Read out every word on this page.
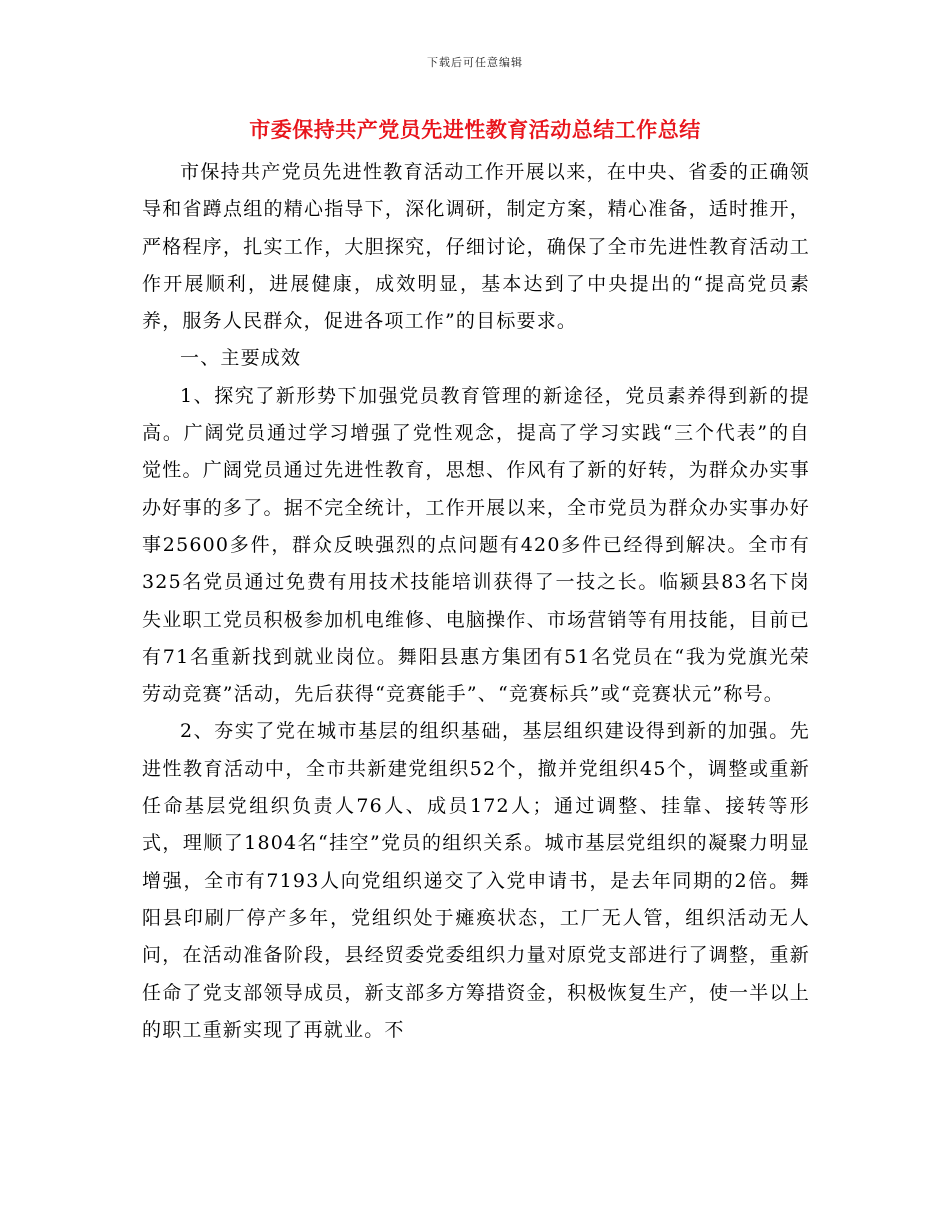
下载后可任意编辑
市委保持共产党员先进性教育活动总结工作总结

市保持共产党员先进性教育活动工作开展以来，在中央、省委的正确领导和省蹲点组的精心指导下，深化调研，制定方案，精心准备，适时推开，严格程序，扎实工作，大胆探究，仔细讨论，确保了全市先进性教育活动工作开展顺利，进展健康，成效明显，基本达到了中央提出的“提高党员素养，服务人民群众，促进各项工作”的目标要求。

一、主要成效

1、探究了新形势下加强党员教育管理的新途径，党员素养得到新的提高。广阔党员通过学习增强了党性观念，提高了学习实践“三个代表”的自觉性。广阔党员通过先进性教育，思想、作风有了新的好转，为群众办实事办好事的多了。据不完全统计，工作开展以来，全市党员为群众办实事办好事25600多件，群众反映强烈的点问题有420多件已经得到解决。全市有325名党员通过免费有用技术技能培训获得了一技之长。临颍县83名下岗失业职工党员积极参加机电维修、电脑操作、市场营销等有用技能，目前已有71名重新找到就业岗位。舞阳县惠方集团有51名党员在“我为党旗光荣劳动竞赛”活动，先后获得“竞赛能手”、“竞赛标兵”或“竞赛状元”称号。

2、夯实了党在城市基层的组织基础，基层组织建设得到新的加强。先进性教育活动中，全市共新建党组织52个，撤并党组织45个，调整或重新任命基层党组织负责人76人、成员172人；通过调整、挂靠、接转等形式，理顺了1804名“挂空”党员的组织关系。城市基层党组织的凝聚力明显增强，全市有7193人向党组织递交了入党申请书，是去年同期的2倍。舞阳县印刷厂停产多年，党组织处于瘫痪状态，工厂无人管，组织活动无人问，在活动准备阶段，县经贸委党委组织力量对原党支部进行了调整，重新任命了党支部领导成员，新支部多方筹措资金，积极恢复生产，使一半以上的职工重新实现了再就业。不
